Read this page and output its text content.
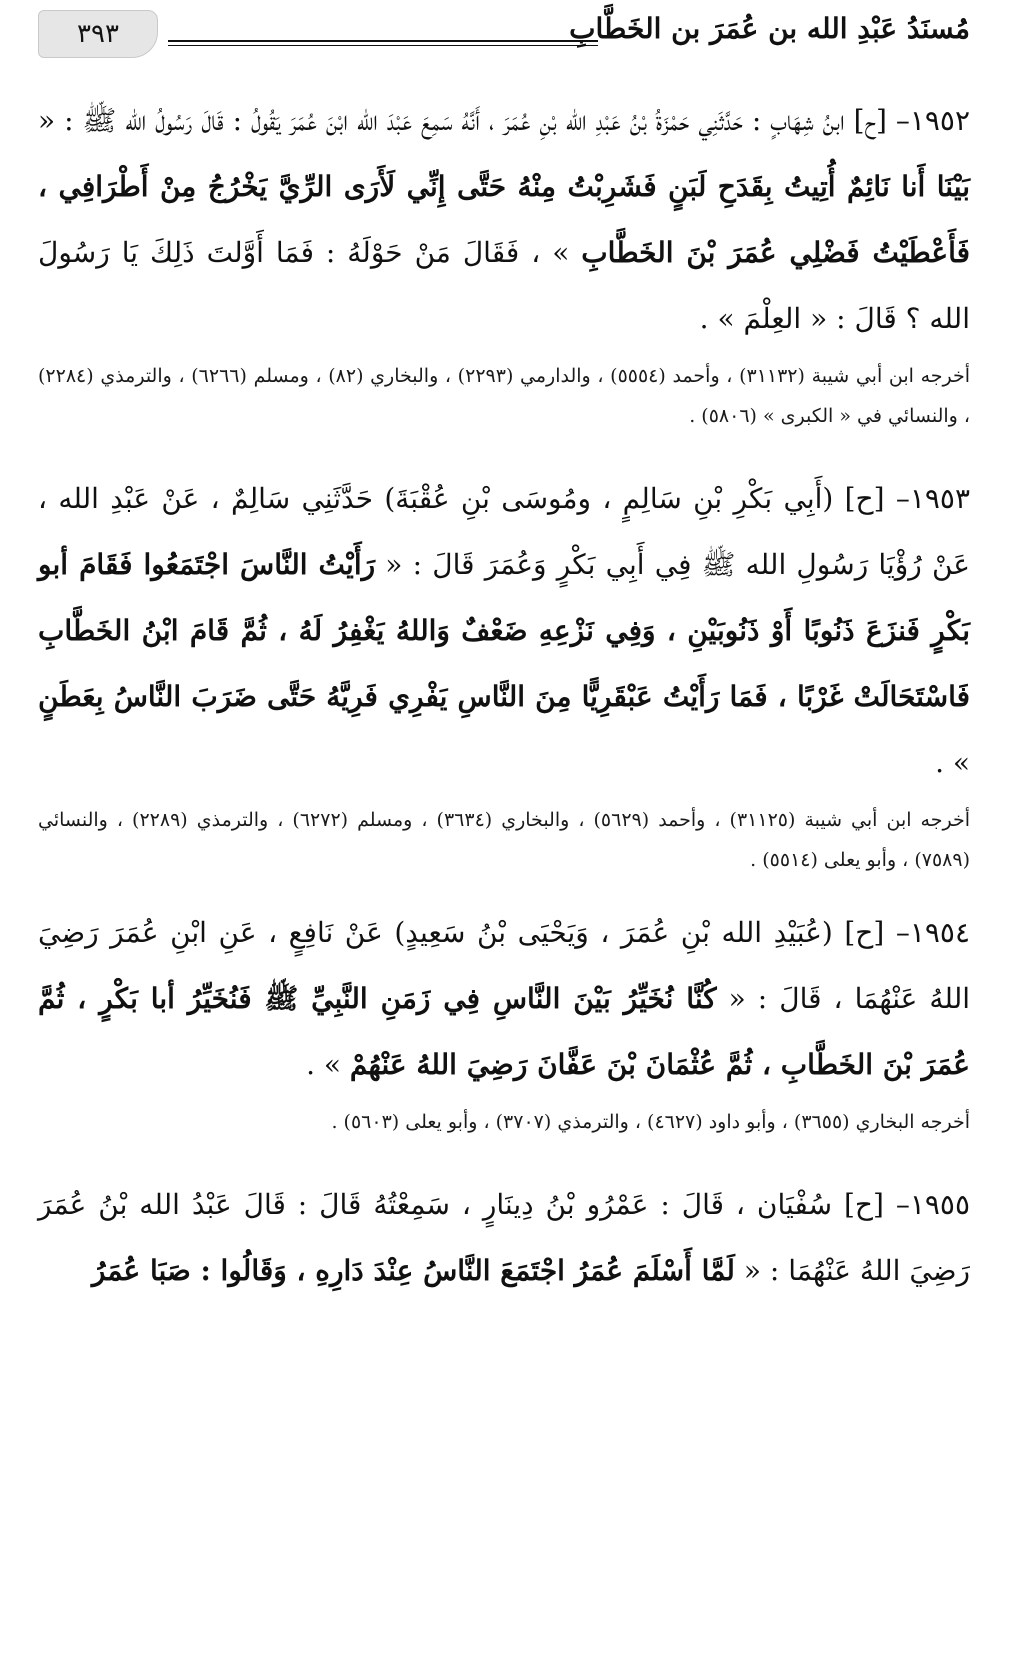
٣٩٣	مُسنَدُ عَبْدِ الله بن عُمَرَ بن الخَطَّابِ

١٩٥٢– [ح] ابنُ شِهَابٍ : حَدَّثَنِي حَمْزَةُ بْنُ عَبْدِ الله بْنِ عُمَرَ ، أَنَّهُ سَمِعَ عَبْدَ الله ابْنَ عُمَرَ يَقُولُ : قَالَ رَسُولُ الله ﷺ : « بَيْنَا أَنا نَائِمٌ أُتِيتُ بِقَدَحِ لَبَنٍ فَشَرِبْتُ مِنْهُ حَتَّى إِنِّي لَأَرَى الرِّيَّ يَخْرُجُ مِنْ أَطْرَافِي ، فَأَعْطَيْتُ فَضْلِي عُمَرَ بْنَ الخَطَّابِ » ، فَقَالَ مَنْ حَوْلَهُ : فَمَا أَوَّلتَ ذَلِكَ يَا رَسُولَ الله ؟ قَالَ : « العِلْمَ » .

أخرجه ابن أبي شيبة (٣١١٣٢) ، وأحمد (٥٥٥٤) ، والدارمي (٢٢٩٣) ، والبخاري (٨٢) ، ومسلم (٦٢٦٦) ، والترمذي (٢٢٨٤) ، والنسائي في « الكبرى » (٥٨٠٦) .

١٩٥٣– [ح] (أَبِي بَكْرِ بْنِ سَالِمٍ ، ومُوسَى بْنِ عُقْبَةَ) حَدَّثَنِي سَالِمٌ ، عَنْ عَبْدِ الله ، عَنْ رُؤْيَا رَسُولِ الله ﷺ فِي أَبِي بَكْرٍ وَعُمَرَ قَالَ : « رَأَيْتُ النَّاسَ اجْتَمَعُوا فَقَامَ أبو بَكْرٍ فَنزَعَ ذَنُوبًا أَوْ ذَنُوبَيْنِ ، وَفِي نَزْعِهِ ضَعْفٌ وَاللهُ يَغْفِرُ لَهُ ، ثُمَّ قَامَ ابْنُ الخَطَّابِ فَاسْتَحَالَتْ غَرْبًا ، فَمَا رَأَيْتُ عَبْقَرِيًّا مِنَ النَّاسِ يَفْرِي فَرِيَّهُ حَتَّى ضَرَبَ النَّاسُ بِعَطَنٍ » .

أخرجه ابن أبي شيبة (٣١١٢٥) ، وأحمد (٥٦٢٩) ، والبخاري (٣٦٣٤) ، ومسلم (٦٢٧٢) ، والترمذي (٢٢٨٩) ، والنسائي (٧٥٨٩) ، وأبو يعلى (٥٥١٤) .

١٩٥٤– [ح] (عُبَيْدِ الله بْنِ عُمَرَ ، وَيَحْيَى بْنُ سَعِيدٍ) عَنْ نَافِعٍ ، عَنِ ابْنِ عُمَرَ رَضِيَ اللهُ عَنْهُمَا ، قَالَ : « كُنَّا نُخَيِّرُ بَيْنَ النَّاسِ فِي زَمَنِ النَّبِيِّ ﷺ فَنُخَيِّرُ أبا بَكْرٍ ، ثُمَّ عُمَرَ بْنَ الخَطَّابِ ، ثُمَّ عُثْمَانَ بْنَ عَفَّانَ رَضِيَ اللهُ عَنْهُمْ » .

أخرجه البخاري (٣٦٥٥) ، وأبو داود (٤٦٢٧) ، والترمذي (٣٧٠٧) ، وأبو يعلى (٥٦٠٣) .

١٩٥٥– [ح] سُفْيَان ، قَالَ : عَمْرُو بْنُ دِينَارٍ ، سَمِعْتُهُ قَالَ : قَالَ عَبْدُ الله بْنُ عُمَرَ رَضِيَ اللهُ عَنْهُمَا : « لَمَّا أَسْلَمَ عُمَرُ اجْتَمَعَ النَّاسُ عِنْدَ دَارِهِ ، وَقَالُوا : صَبَا عُمَرُ
